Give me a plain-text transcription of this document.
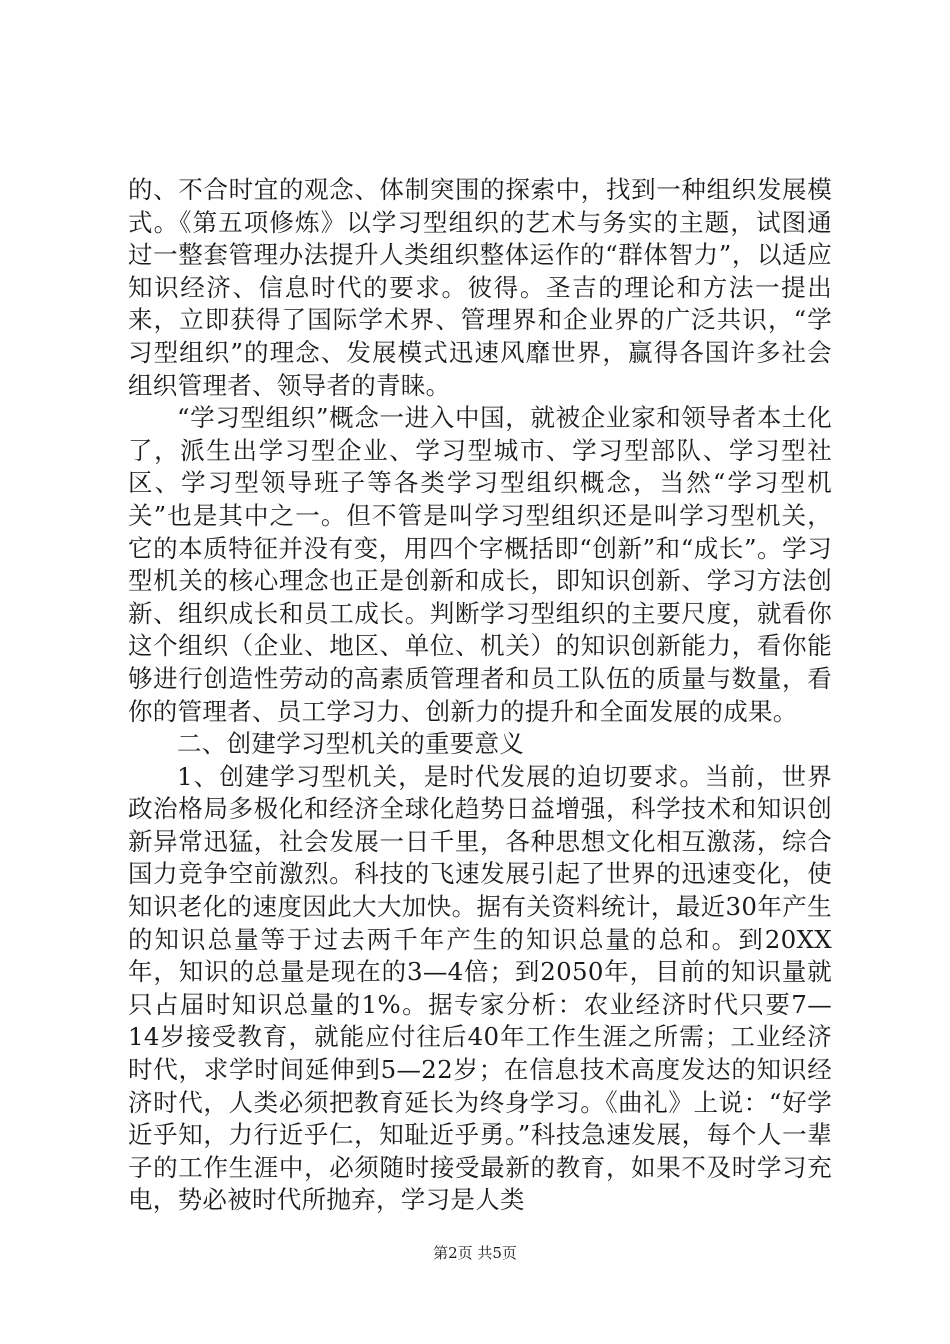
的、不合时宜的观念、体制突围的探索中，找到一种组织发展模式。《第五项修炼》以学习型组织的艺术与务实的主题，试图通过一整套管理办法提升人类组织整体运作的“群体智力”，以适应知识经济、信息时代的要求。彼得。圣吉的理论和方法一提出来，立即获得了国际学术界、管理界和企业界的广泛共识，“学习型组织”的理念、发展模式迅速风靡世界，赢得各国许多社会组织管理者、领导者的青睐。

“学习型组织”概念一进入中国，就被企业家和领导者本土化了，派生出学习型企业、学习型城市、学习型部队、学习型社区、学习型领导班子等各类学习型组织概念，当然“学习型机关”也是其中之一。但不管是叫学习型组织还是叫学习型机关，它的本质特征并没有变，用四个字概括即“创新”和“成长”。学习型机关的核心理念也正是创新和成长，即知识创新、学习方法创新、组织成长和员工成长。判断学习型组织的主要尺度，就看你这个组织（企业、地区、单位、机关）的知识创新能力，看你能够进行创造性劳动的高素质管理者和员工队伍的质量与数量，看你的管理者、员工学习力、创新力的提升和全面发展的成果。

二、创建学习型机关的重要意义

1、创建学习型机关，是时代发展的迫切要求。当前，世界政治格局多极化和经济全球化趋势日益增强，科学技术和知识创新异常迅猛，社会发展一日千里，各种思想文化相互激荡，综合国力竞争空前激烈。科技的飞速发展引起了世界的迅速变化，使知识老化的速度因此大大加快。据有关资料统计，最近30年产生的知识总量等于过去两千年产生的知识总量的总和。到20XX年，知识的总量是现在的3—4倍；到2050年，目前的知识量就只占届时知识总量的1%。据专家分析：农业经济时代只要7—14岁接受教育，就能应付往后40年工作生涯之所需；工业经济时代，求学时间延伸到5—22岁；在信息技术高度发达的知识经济时代，人类必须把教育延长为终身学习。《曲礼》上说：“好学近乎知，力行近乎仁，知耻近乎勇。”科技急速发展，每个人一辈子的工作生涯中，必须随时接受最新的教育，如果不及时学习充电，势必被时代所抛弃，学习是人类

第2页 共5页
